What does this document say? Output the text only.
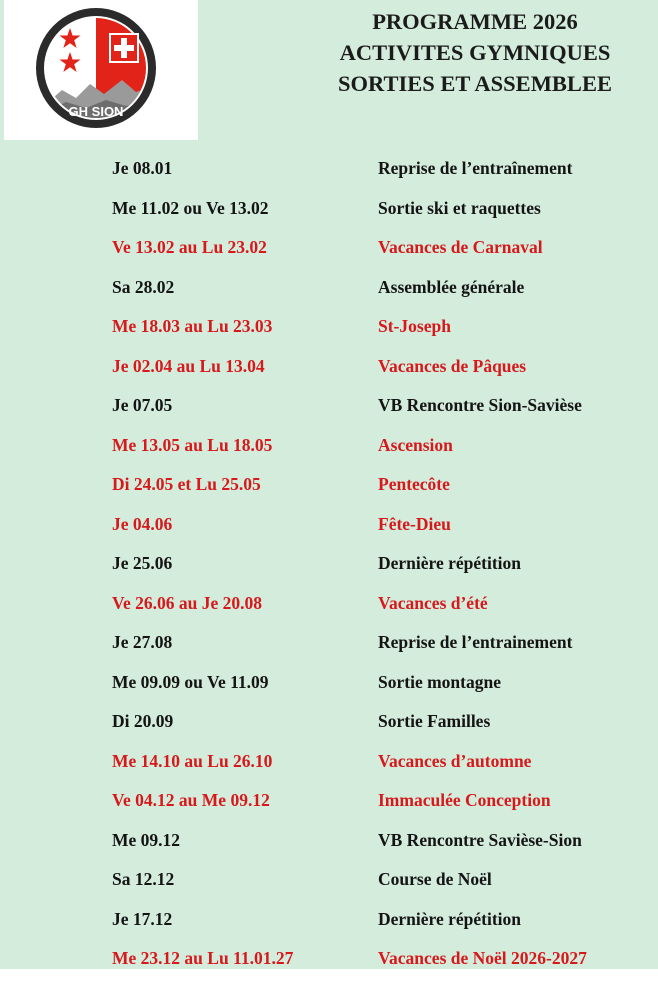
GH SION
PROGRAMME 2026
ACTIVITES GYMNIQUES
SORTIES ET ASSEMBLEE
Je 08.01	Reprise de l’entraînement
Me 11.02 ou Ve 13.02	Sortie ski et raquettes
Ve 13.02 au Lu 23.02	Vacances de Carnaval
Sa 28.02	Assemblée générale
Me 18.03 au Lu 23.03	St-Joseph
Je 02.04 au Lu 13.04	Vacances de Pâques
Je 07.05	VB Rencontre Sion-Savièse
Me 13.05 au Lu 18.05	Ascension
Di 24.05 et Lu 25.05	Pentecôte
Je 04.06	Fête-Dieu
Je 25.06	Dernière répétition
Ve 26.06 au Je 20.08	Vacances d’été
Je 27.08	Reprise de l’entrainement
Me 09.09 ou Ve 11.09	Sortie montagne
Di 20.09	Sortie Familles
Me 14.10 au Lu 26.10	Vacances d’automne
Ve 04.12 au Me 09.12	Immaculée Conception
Me 09.12	VB Rencontre Savièse-Sion
Sa 12.12	Course de Noël
Je 17.12	Dernière répétition
Me 23.12 au Lu 11.01.27	Vacances de Noël 2026-2027
